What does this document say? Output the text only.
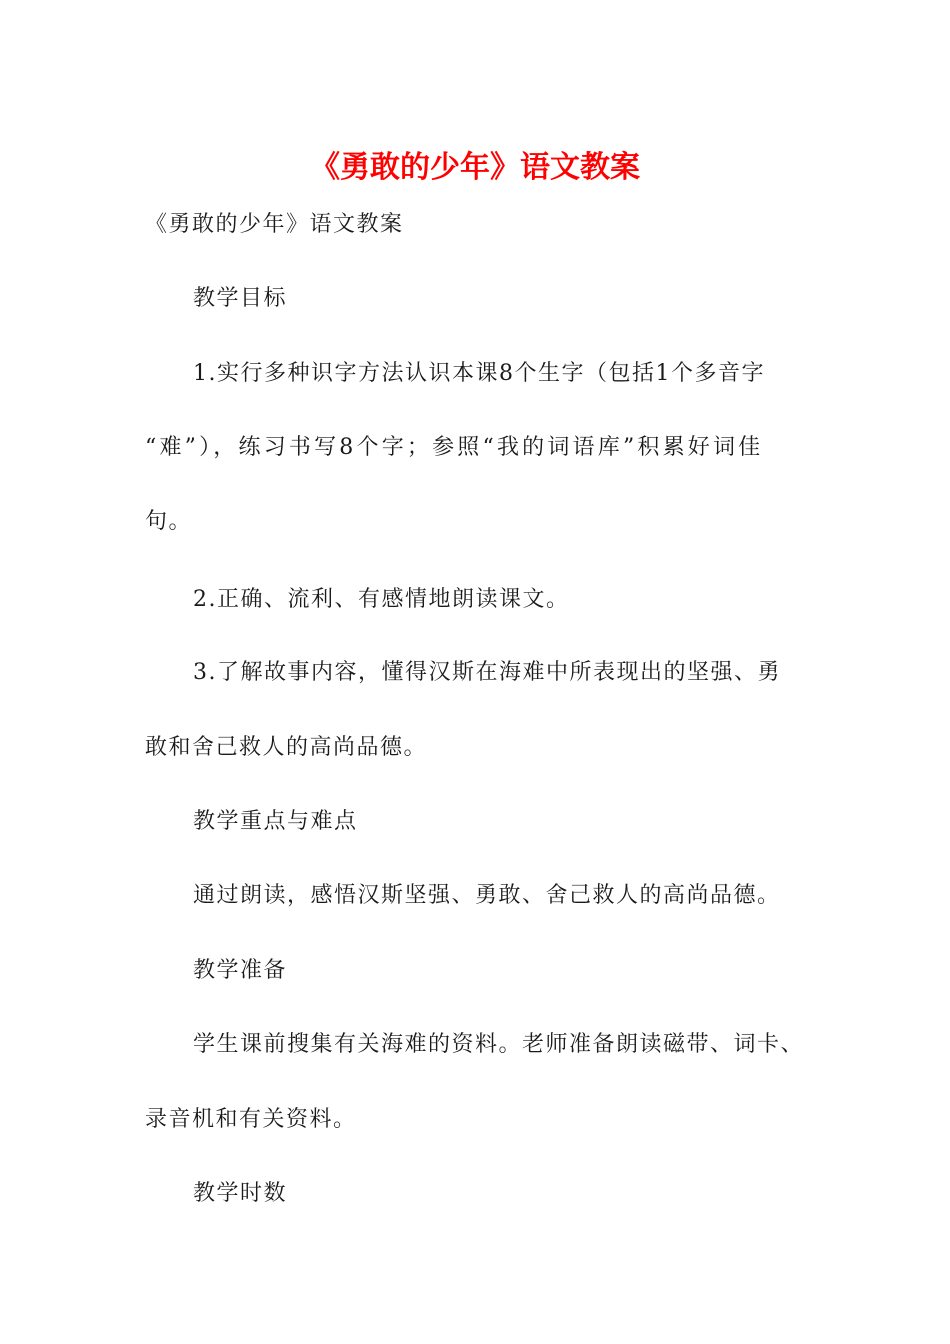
《勇敢的少年》语文教案
《勇敢的少年》语文教案
教学目标
1.实行多种识字方法认识本课8个生字（包括1个多音字
“难”），练习书写8个字；参照“我的词语库”积累好词佳
句。
2.正确、流利、有感情地朗读课文。
3.了解故事内容，懂得汉斯在海难中所表现出的坚强、勇
敢和舍己救人的高尚品德。
教学重点与难点
通过朗读，感悟汉斯坚强、勇敢、舍己救人的高尚品德。
教学准备
学生课前搜集有关海难的资料。老师准备朗读磁带、词卡、
录音机和有关资料。
教学时数
